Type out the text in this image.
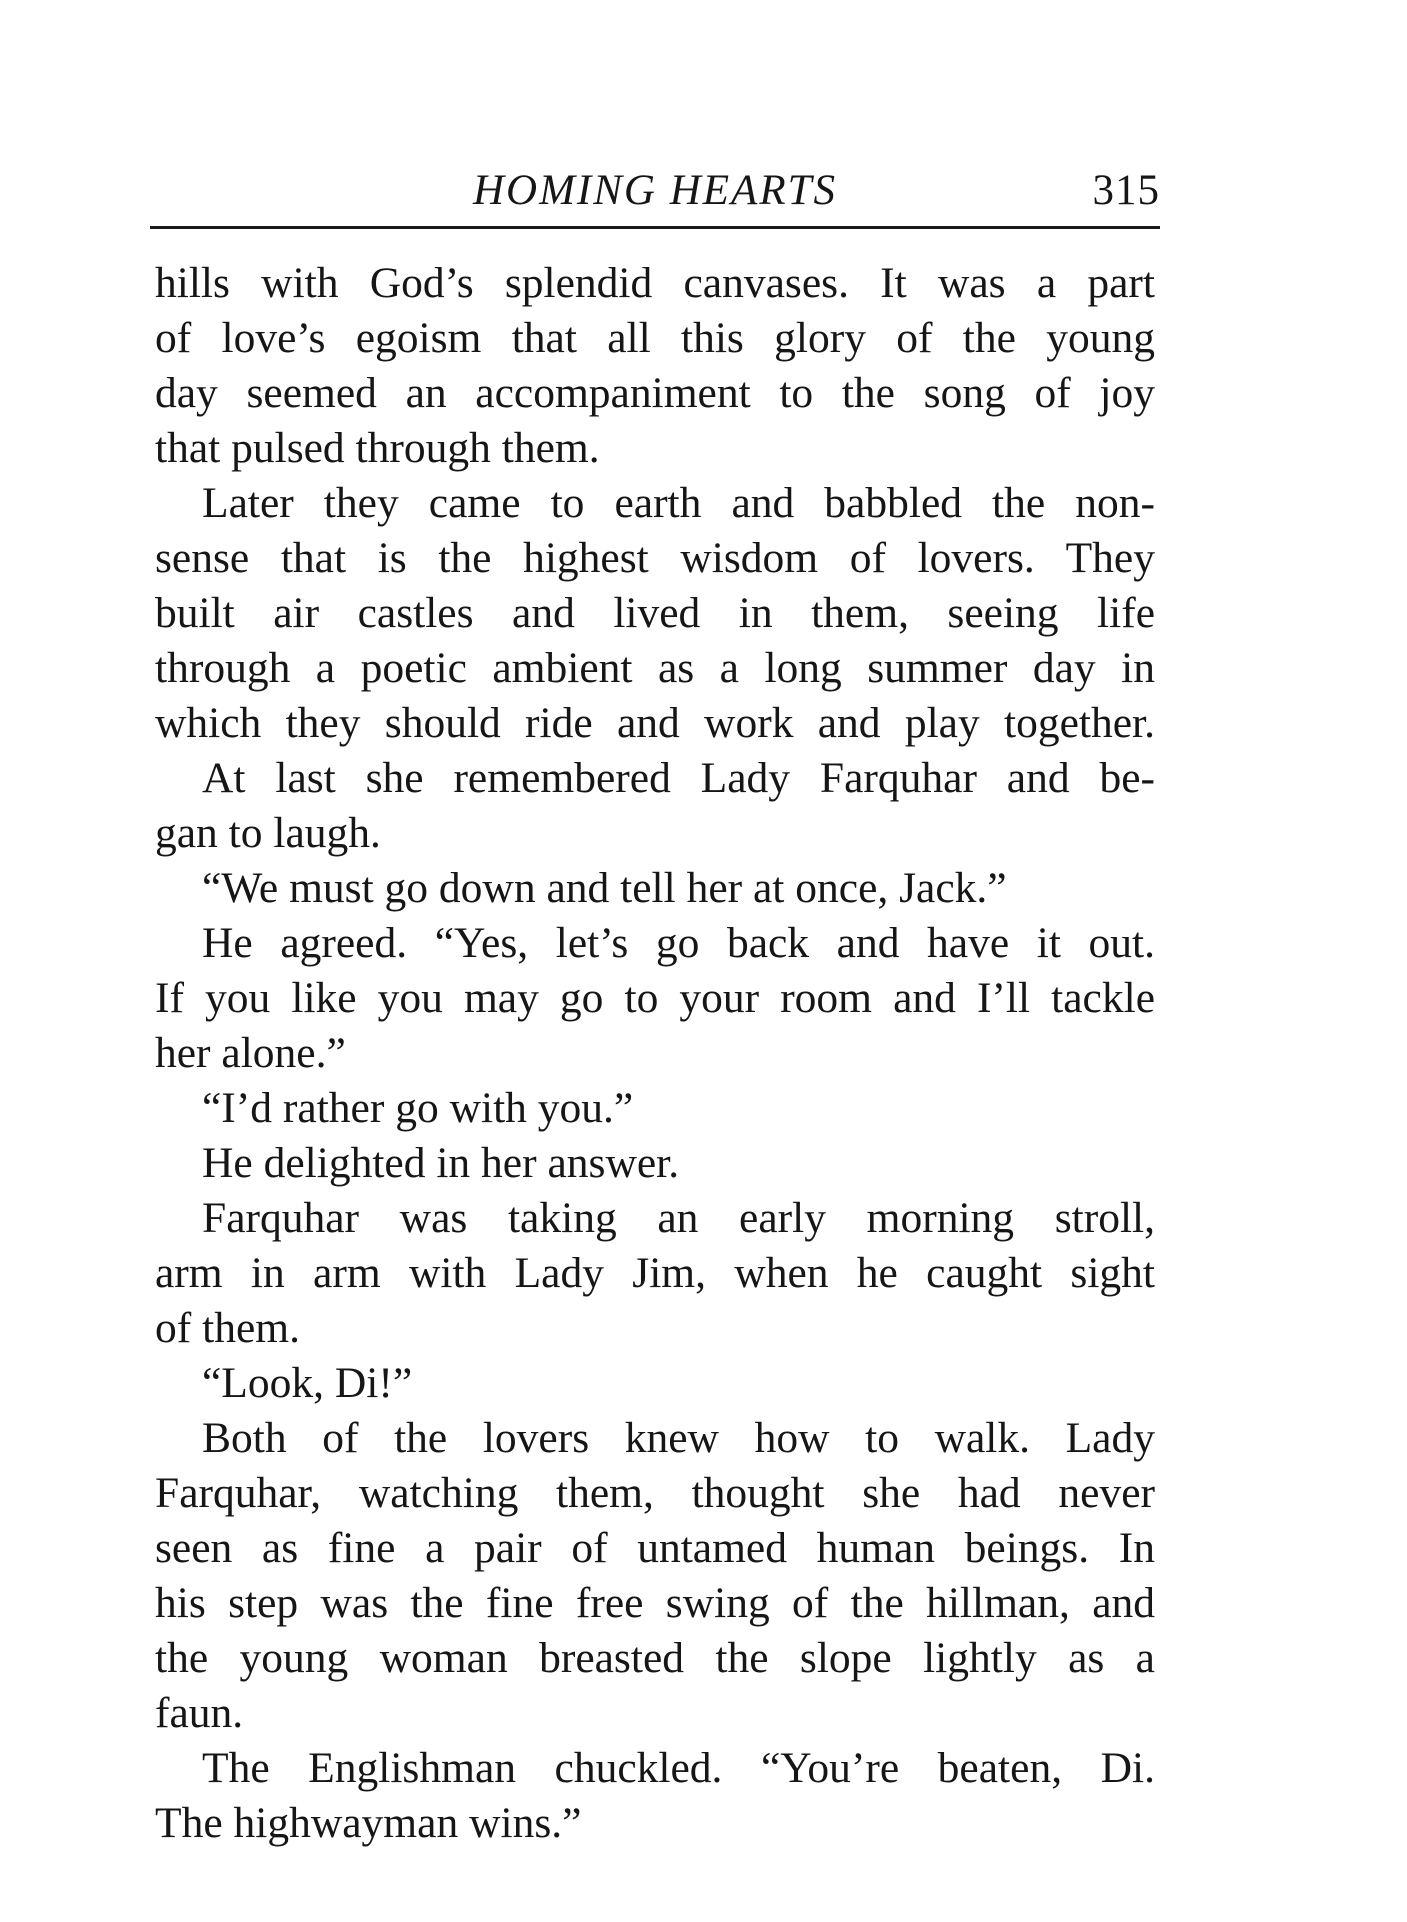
HOMING HEARTS	315
hills with God’s splendid canvases. It was a part
of love’s egoism that all this glory of the young
day seemed an accompaniment to the song of joy
that pulsed through them.
Later they came to earth and babbled the non-
sense that is the highest wisdom of lovers. They
built air castles and lived in them, seeing life
through a poetic ambient as a long summer day in
which they should ride and work and play together.
At last she remembered Lady Farquhar and be-
gan to laugh.
“We must go down and tell her at once, Jack.”
He agreed. “Yes, let’s go back and have it out.
If you like you may go to your room and I’ll tackle
her alone.”
“I’d rather go with you.”
He delighted in her answer.
Farquhar was taking an early morning stroll,
arm in arm with Lady Jim, when he caught sight
of them.
“Look, Di!”
Both of the lovers knew how to walk. Lady
Farquhar, watching them, thought she had never
seen as fine a pair of untamed human beings. In
his step was the fine free swing of the hillman, and
the young woman breasted the slope lightly as a
faun.
The Englishman chuckled. “You’re beaten, Di.
The highwayman wins.”
